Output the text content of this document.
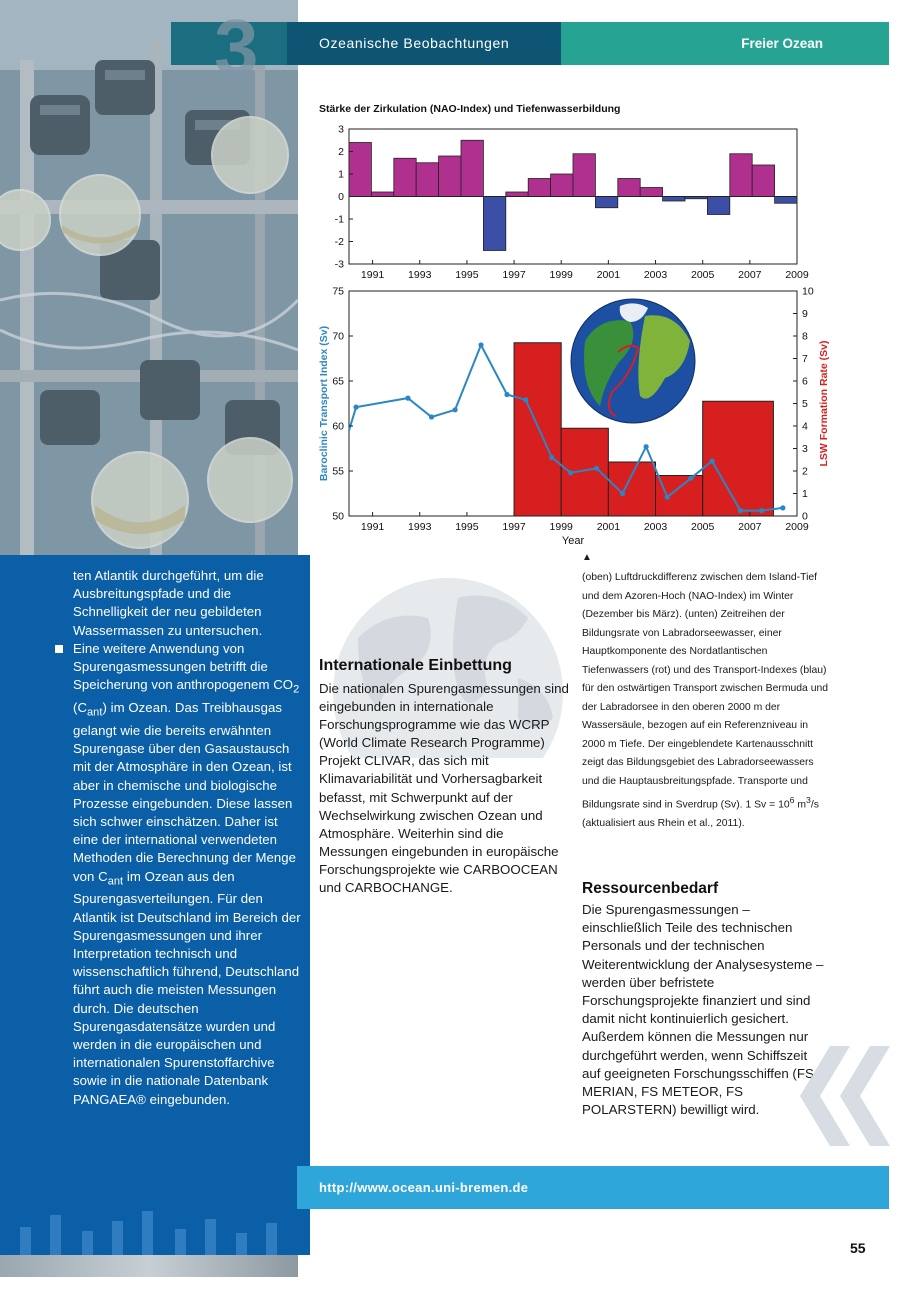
ten Atlantik durchgeführt, um die Ausbreitungspfade und die Schnelligkeit der neu gebildeten Wassermassen zu untersuchen.

Eine weitere Anwendung von Spurengasmessungen betrifft die Speicherung von anthropogenem $CO_2$ $(C_{ant})$ im Ozean. Das Treibhausgas gelangt wie die bereits erwähnten Spurengase über den Gasaustausch mit der Atmosphäre in den Ozean, ist aber in chemische und biologische Prozesse eingebunden. Diese lassen sich schwer einschätzen. Daher ist eine der international verwendeten Methoden die Berechnung der Menge von $C_{ant}$ im Ozean aus den Spurengasverteilungen. Für den Atlantik ist Deutschland im Bereich der Spurengasmessungen und ihrer Interpretation technisch und wissenschaftlich führend, Deutschland führt auch die meisten Messungen durch. Die deutschen Spurengasdatensätze wurden und werden in die europäischen und internationalen Spurenstoffarchive sowie in die nationale Datenbank PANGAEA® eingebunden.

3	Ozeanische Beobachtungen	Freier Ozean
Stärke der Zirkulation (NAO-Index) und Tiefenwasserbildung
3
2
1
0
-1
-2
-3
1991 1993 1995 1997 1999 2001 2003 2005 2007 2009
75
70
65
60
55
50
10
9
8
7
6
5
4
3
2
1
0
1991 1993 1995 1997 1999 2001 2003 2005 2007 2009
Year
Baroclinic Transport Index (Sv)	LSW Formation Rate (Sv)
▲
(oben) Luftdruckdifferenz zwischen dem Island-Tief und dem Azoren-Hoch (NAO-Index) im Winter (Dezember bis März). (unten) Zeitreihen der Bildungsrate von Labradorseewasser, einer Hauptkomponente des Nordatlantischen Tiefenwassers (rot) und des Transport-Indexes (blau) für den ostwärtigen Transport zwischen Bermuda und der Labradorsee in den oberen 2000 m der Wassersäule, bezogen auf ein Referenzniveau in 2000 m Tiefe. Der eingeblendete Kartenausschnitt zeigt das Bildungsgebiet des Labradorseewassers und die Hauptausbreitungspfade. Transporte und Bildungsrate sind in Sverdrup (Sv). 1 $Sv = 10^6$ $m^3/s$ (aktualisiert aus Rhein et al., 2011).
Internationale Einbettung
Die nationalen Spurengasmessungen sind eingebunden in internationale Forschungsprogramme wie das WCRP (World Climate Research Programme) Projekt CLIVAR, das sich mit Klimavariabilität und Vorhersagbarkeit befasst, mit Schwerpunkt auf der Wechselwirkung zwischen Ozean und Atmosphäre. Weiterhin sind die Messungen eingebunden in europäische Forschungsprojekte wie CARBOOCEAN und CARBOCHANGE.	Ressourcenbedarf
Die Spurengasmessungen – einschließlich Teile des technischen Personals und der technischen Weiterentwicklung der Analysesysteme – werden über befristete Forschungsprojekte finanziert und sind damit nicht kontinuierlich gesichert. Außerdem können die Messungen nur durchgeführt werden, wenn Schiffszeit auf geeigneten Forschungsschiffen (FS MERIAN, FS METEOR, FS POLARSTERN) bewilligt wird.
http://www.ocean.uni-bremen.de
55
